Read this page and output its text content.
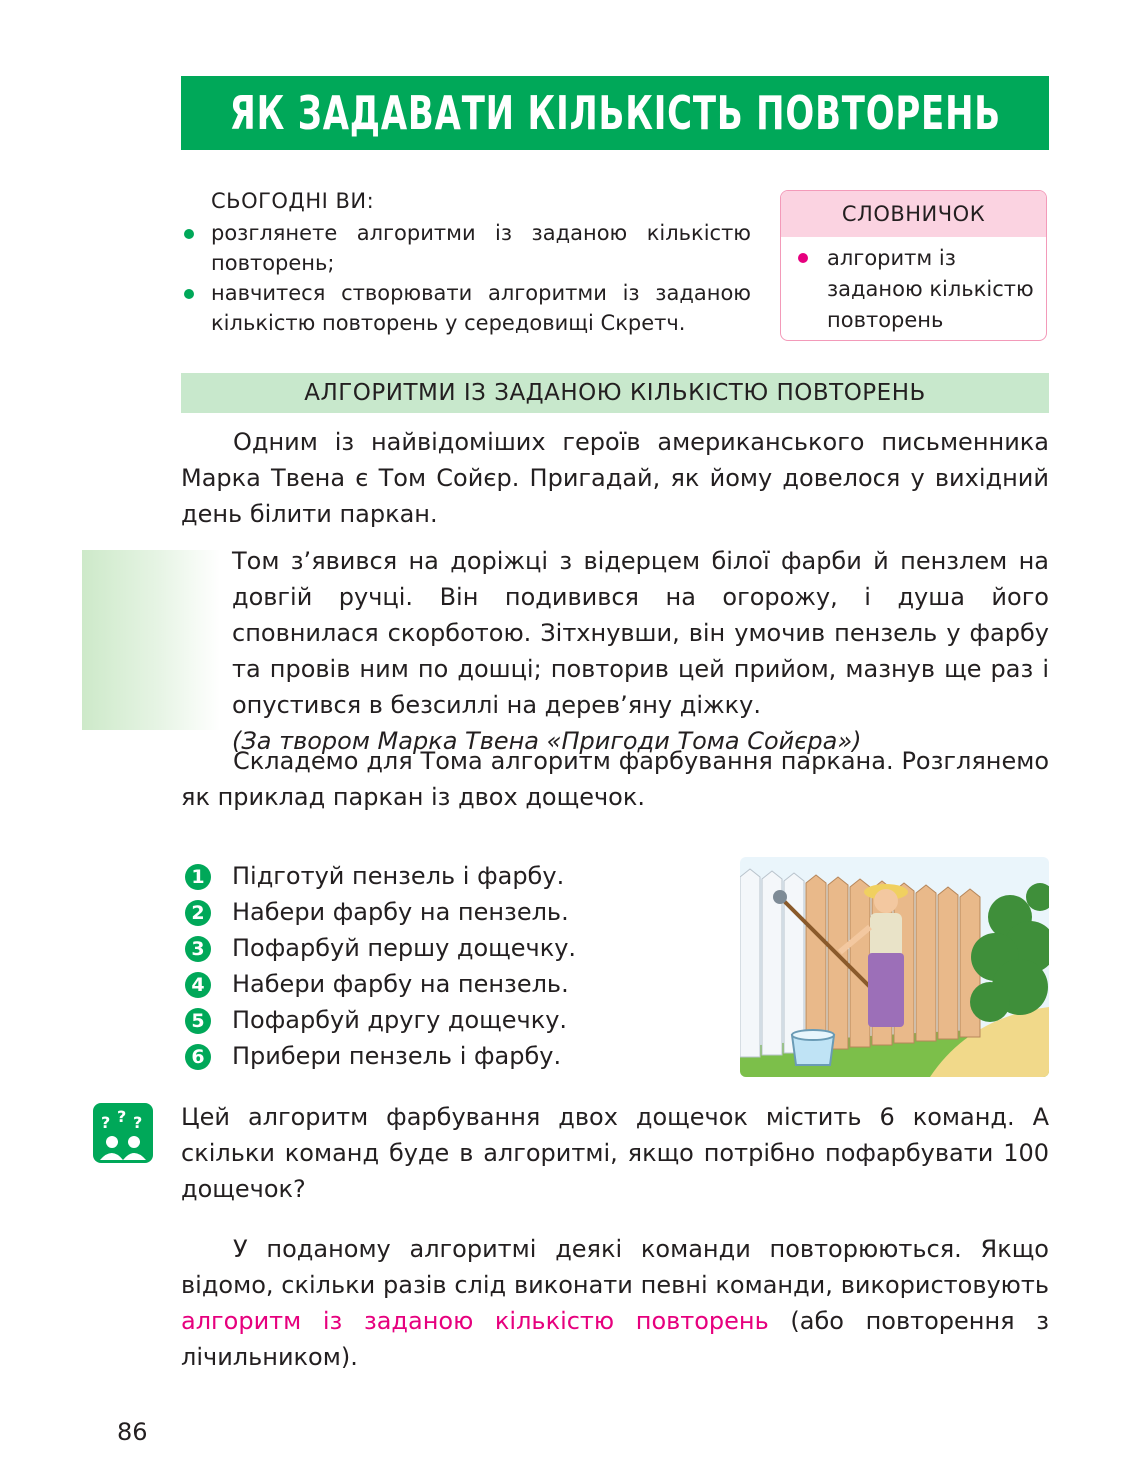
ЯК ЗАДАВАТИ КІЛЬКІСТЬ ПОВТОРЕНЬ
СЬОГОДНІ ВИ:
розглянете алгоритми із заданою кількістю повторень;
навчитеся створювати алгоритми із заданою кількістю повторень у середовищі Скретч.
СЛОВНИЧОК
алгоритм із заданою кількістю повторень
АЛГОРИТМИ ІЗ ЗАДАНОЮ КІЛЬКІСТЮ ПОВТОРЕНЬ
Одним із найвідоміших героїв американського письменника Марка Твена є Том Сойєр. Пригадай, як йому довелося у вихідний день білити паркан.
Том з’явився на доріжці з відерцем білої фарби й пензлем на довгій ручці. Він подивився на огорожу, і душа його сповнилася скорботою. Зітхнувши, він умочив пензель у фарбу та провів ним по дошці; повторив цей прийом, мазнув ще раз і опустився в безсиллі на дерев’яну діжку.
(За твором Марка Твена «Пригоди Тома Сойєра»)
Складемо для Тома алгоритм фарбування паркана. Розглянемо як приклад паркан із двох дощечок.
1 Підготуй пензель і фарбу.
2 Набери фарбу на пензель.
3 Пофарбуй першу дощечку.
4 Набери фарбу на пензель.
5 Пофарбуй другу дощечку.
6 Прибери пензель і фарбу.
? ? ? Цей алгоритм фарбування двох дощечок містить 6 команд. А скільки команд буде в алгоритмі, якщо потрібно пофарбувати 100 дощечок?
У поданому алгоритмі деякі команди повторюються. Якщо відомо, скільки разів слід виконати певні команди, використовують алгоритм із заданою кількістю повторень (або повторення з лічильником).
86
